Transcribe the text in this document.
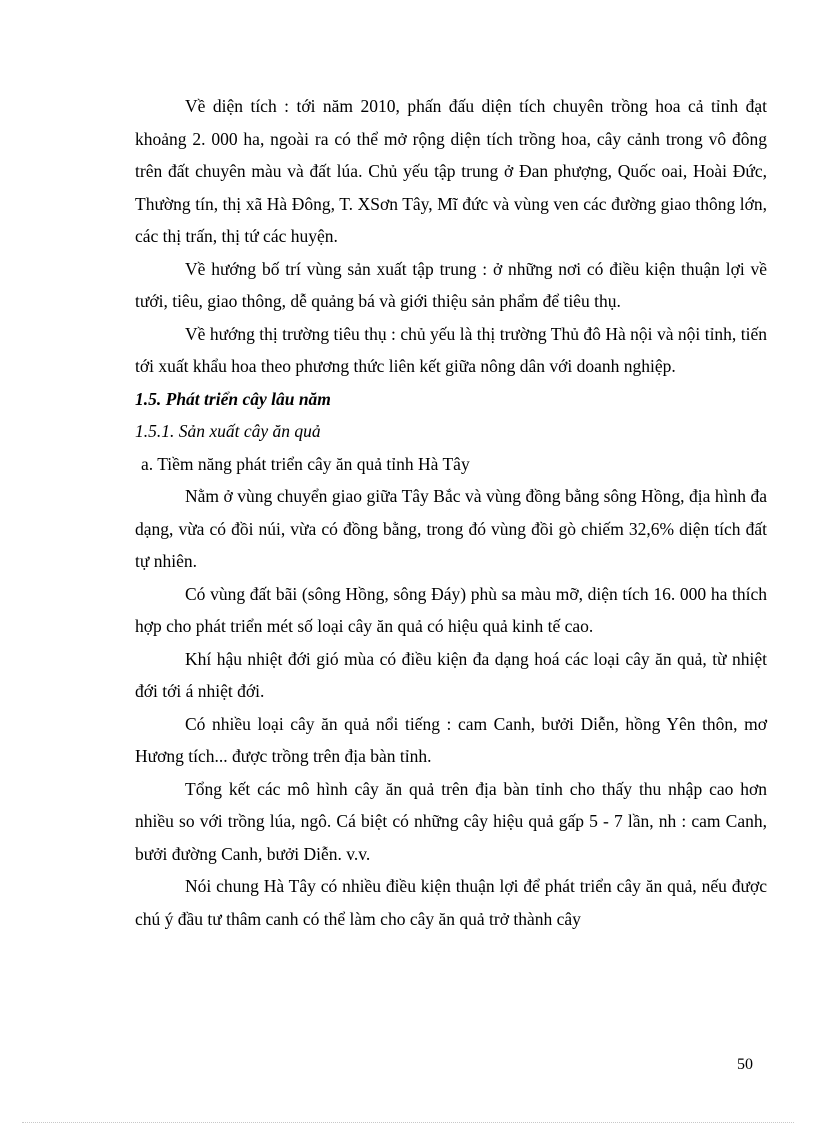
Về diện tích : tới năm 2010, phấn đấu diện tích chuyên trồng hoa cả tỉnh đạt khoảng 2. 000 ha, ngoài ra có thể mở rộng diện tích trồng hoa, cây cảnh trong vô đông trên đất chuyên màu và đất lúa. Chủ yếu tập trung ở Đan phượng, Quốc oai, Hoài Đức, Thường tín, thị xã Hà Đông, T. XSơn Tây, Mĩ đức và vùng ven các đường giao thông lớn, các thị trấn, thị tứ các huyện.

Về hướng bố trí vùng sản xuất tập trung : ở những nơi có điều kiện thuận lợi về tưới, tiêu, giao thông, dễ quảng bá và giới thiệu sản phẩm để tiêu thụ.

Về hướng thị trường tiêu thụ : chủ yếu là thị trường Thủ đô Hà nội và nội tỉnh, tiến tới xuất khẩu hoa theo phương thức liên kết giữa nông dân với doanh nghiệp.

1.5. Phát triển cây lâu năm

1.5.1. Sản xuất cây ăn quả

a. Tiềm năng phát triển cây ăn quả tỉnh Hà Tây

Nằm ở vùng chuyển giao giữa Tây Bắc và vùng đồng bằng sông Hồng, địa hình đa dạng, vừa có đồi núi, vừa có đồng bằng, trong đó vùng đồi gò chiếm 32,6% diện tích đất tự nhiên.

Có vùng đất bãi (sông Hồng, sông Đáy) phù sa màu mỡ, diện tích 16. 000 ha thích hợp cho phát triển mét số loại cây ăn quả có hiệu quả kinh tế cao.

Khí hậu nhiệt đới gió mùa có điều kiện đa dạng hoá các loại cây ăn quả, từ nhiệt đới tới á nhiệt đới.

Có nhiều loại cây ăn quả nổi tiếng : cam Canh, bưởi Diễn, hồng Yên thôn, mơ Hương tích... được trồng trên địa bàn tỉnh.

Tổng kết các mô hình cây ăn quả trên địa bàn tỉnh cho thấy thu nhập cao hơn nhiều so với trồng lúa, ngô. Cá biệt có những cây hiệu quả gấp 5 - 7 lần, nh : cam Canh, bưởi đường Canh, bưởi Diễn. v.v.

Nói chung Hà Tây có nhiều điều kiện thuận lợi để phát triển cây ăn quả, nếu được chú ý đầu tư thâm canh có thể làm cho cây ăn quả trở thành cây

50
